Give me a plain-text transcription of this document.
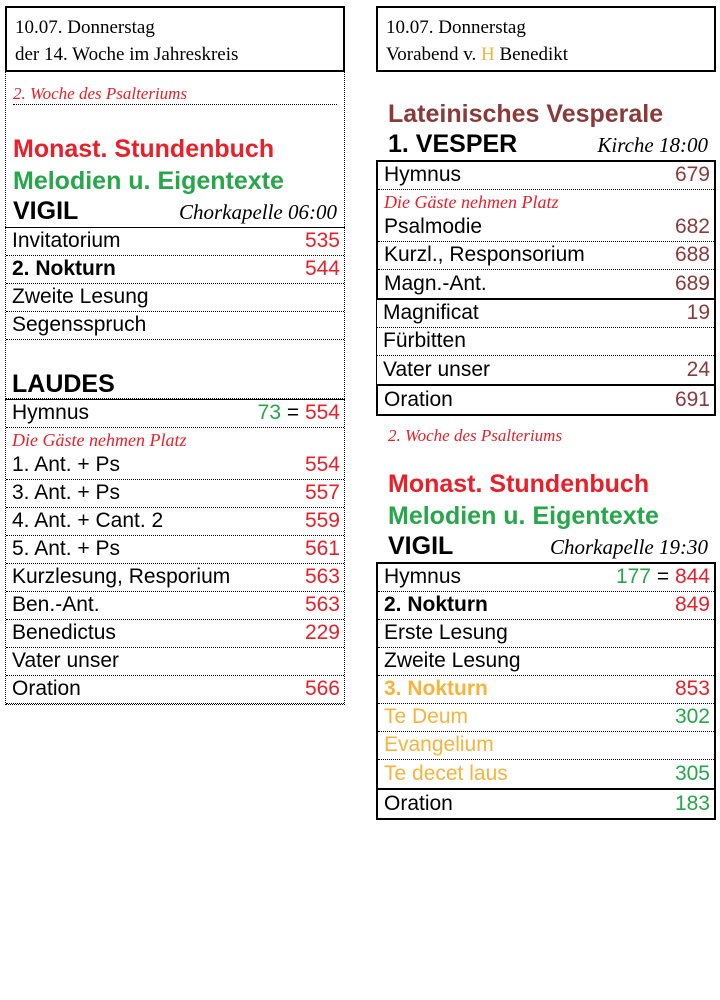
10.07. Donnerstag
der 14. Woche im Jahreskreis
2. Woche des Psalteriums
Monast. Stundenbuch
Melodien u. Eigentexte
VIGIL	Chorkapelle 06:00
Invitatorium	535
2. Nokturn	544
Zweite Lesung
Segensspruch
LAUDES
Hymnus	73 = 554
Die Gäste nehmen Platz
1. Ant. + Ps	554
3. Ant. + Ps	557
4. Ant. + Cant. 2	559
5. Ant. + Ps	561
Kurzlesung, Resporium	563
Ben.-Ant.	563
Benedictus	229
Vater unser
Oration	566
10.07. Donnerstag
Vorabend v. H Benedikt
Lateinisches Vesperale
1. VESPER	Kirche 18:00
Hymnus	679
Die Gäste nehmen Platz
Psalmodie	682
Kurzl., Responsorium	688
Magn.-Ant.	689
Magnificat	19
Fürbitten
Vater unser	24
Oration	691
2. Woche des Psalteriums
Monast. Stundenbuch
Melodien u. Eigentexte
VIGIL	Chorkapelle 19:30
Hymnus	177 = 844
2. Nokturn	849
Erste Lesung
Zweite Lesung
3. Nokturn	853
Te Deum	302
Evangelium
Te decet laus	305
Oration	183
